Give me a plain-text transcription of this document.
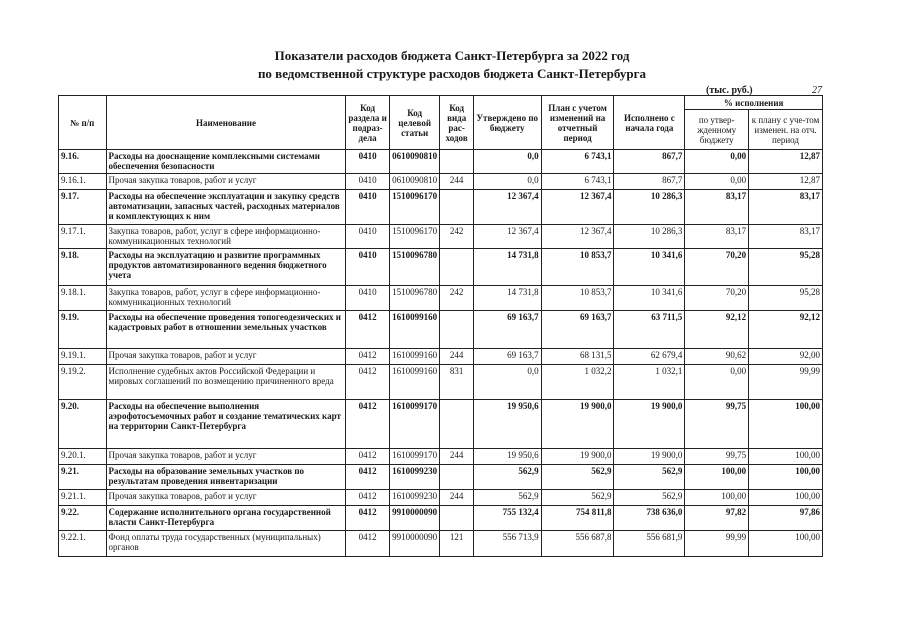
Показатели расходов бюджета Санкт-Петербурга за 2022 год
по ведомственной структуре расходов бюджета Санкт-Петербурга
(тыс. руб.)	27
№ п/п	Наименование	Код раздела и подраз-дела	Код целевой статьи	Код вида рас-ходов	Утверждено по бюджету	План с учетом изменений на отчетный период	Исполнено с начала года	% исполнения	
								по утвер-жденному бюджету	к плану с уче-том изменен. на отч. период
9.16.	Расходы на дооснащение комплексными системами обеспечения безопасности	0410	0610090810		0,0	6 743,1	867,7	0,00	12,87
9.16.1.	Прочая закупка товаров, работ и услуг	0410	0610090810	244	0,0	6 743,1	867,7	0,00	12,87
9.17.	Расходы на обеспечение эксплуатации и закупку средств автоматизации, запасных частей, расходных материалов и комплектующих к ним	0410	1510096170		12 367,4	12 367,4	10 286,3	83,17	83,17
9.17.1.	Закупка товаров, работ, услуг в сфере информационно-коммуникационных технологий	0410	1510096170	242	12 367,4	12 367,4	10 286,3	83,17	83,17
9.18.	Расходы на эксплуатацию и развитие программных продуктов автоматизированного ведения бюджетного учета	0410	1510096780		14 731,8	10 853,7	10 341,6	70,20	95,28
9.18.1.	Закупка товаров, работ, услуг в сфере информационно-коммуникационных технологий	0410	1510096780	242	14 731,8	10 853,7	10 341,6	70,20	95,28
9.19.	Расходы на обеспечение проведения топогеодезических и кадастровых работ в отношении земельных участков	0412	1610099160		69 163,7	69 163,7	63 711,5	92,12	92,12
9.19.1.	Прочая закупка товаров, работ и услуг	0412	1610099160	244	69 163,7	68 131,5	62 679,4	90,62	92,00
9.19.2.	Исполнение судебных актов Российской Федерации и мировых соглашений по возмещению причиненного вреда	0412	1610099160	831	0,0	1 032,2	1 032,1	0,00	99,99
9.20.	Расходы на обеспечение выполнения аэрофотосъемочных работ и создание тематических карт на территории Санкт-Петербурга	0412	1610099170		19 950,6	19 900,0	19 900,0	99,75	100,00
9.20.1.	Прочая закупка товаров, работ и услуг	0412	1610099170	244	19 950,6	19 900,0	19 900,0	99,75	100,00
9.21.	Расходы на образование земельных участков по результатам проведения инвентаризации	0412	1610099230		562,9	562,9	562,9	100,00	100,00
9.21.1.	Прочая закупка товаров, работ и услуг	0412	1610099230	244	562,9	562,9	562,9	100,00	100,00
9.22.	Содержание исполнительного органа государственной власти Санкт-Петербурга	0412	9910000090		755 132,4	754 811,8	738 636,0	97,82	97,86
9.22.1.	Фонд оплаты труда государственных (муниципальных) органов	0412	9910000090	121	556 713,9	556 687,8	556 681,9	99,99	100,00
